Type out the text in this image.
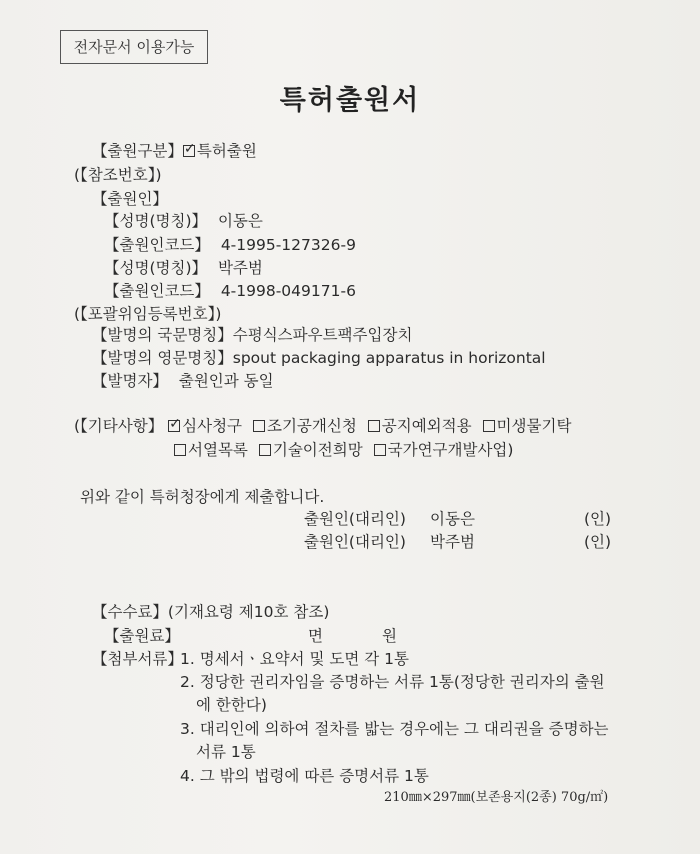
전자문서 이용가능
특허출원서
【출원구분】 ✓ 특허출원
(【참조번호】)
【출원인】
【성명(명칭)】 이동은
【출원인코드】 4-1995-127326-9
【성명(명칭)】 박주범
【출원인코드】 4-1998-049171-6
(【포괄위임등록번호】)
【발명의 국문명칭】수평식스파우트팩주입장치
【발명의 영문명칭】spout packaging apparatus in horizontal
【발명자】 출원인과 동일
(【기타사항】 ✓ 심사청구 조기공개신청 공지예외적용 미생물기탁
서열목록 기술이전희망 국가연구개발사업)
위와 같이 특허청장에게 제출합니다.
출원인(대리인) 이동은	(인)
출원인(대리인) 박주범	(인)
【수수료】(기재요령 제10호 참조)
【출원료】	면	원
【첨부서류】
1. 명세서ㆍ요약서 및 도면 각 1통
2. 정당한 권리자임을 증명하는 서류 1통(정당한 권리자의 출원
에 한한다)
3. 대리인에 의하여 절차를 밟는 경우에는 그 대리권을 증명하는
서류 1통
4. 그 밖의 법령에 따른 증명서류 1통
210㎜×297㎜(보존용지(2종) 70g/㎡)
